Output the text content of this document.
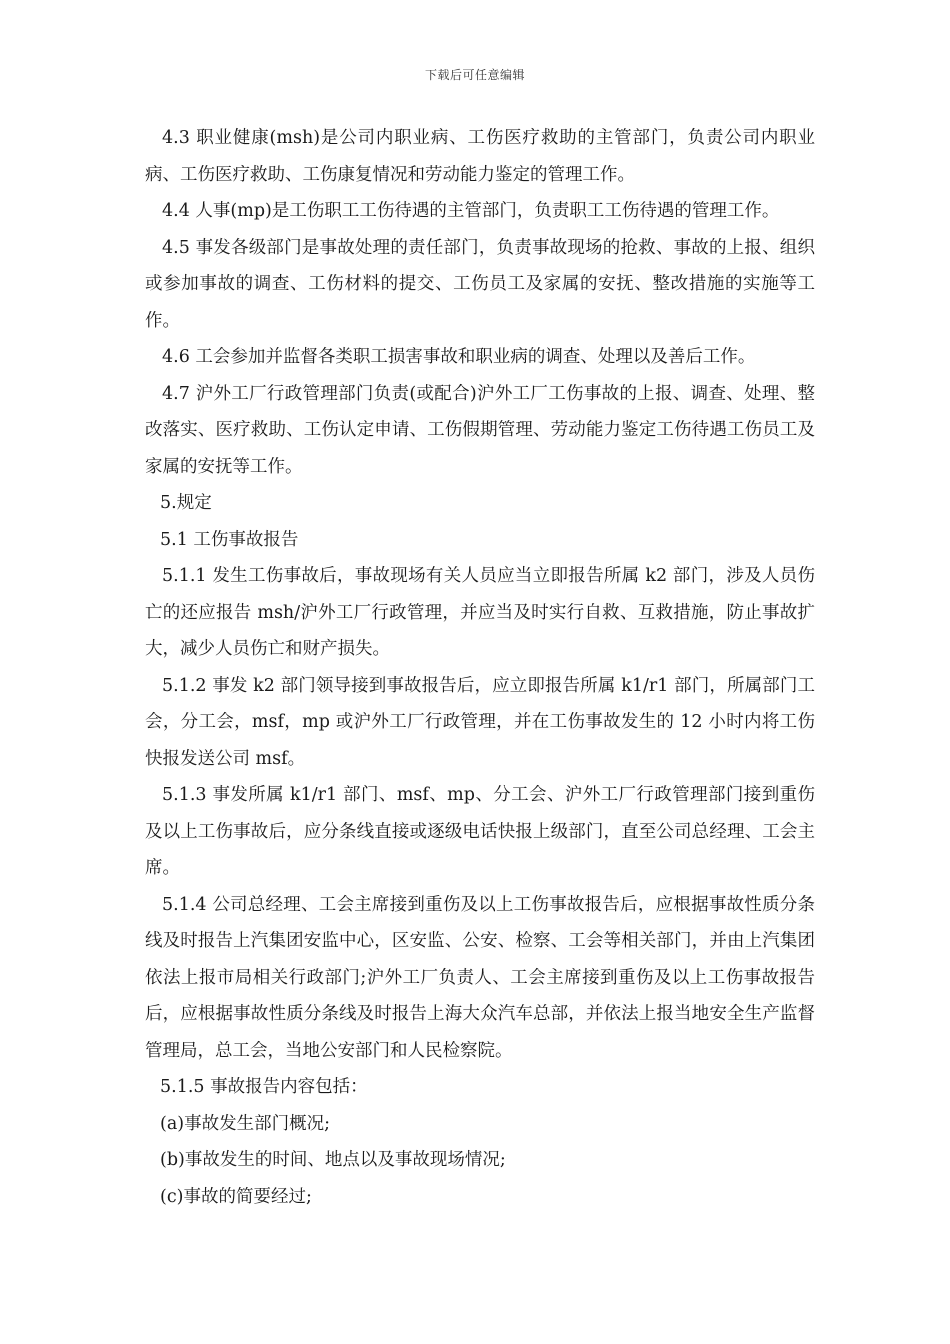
下载后可任意编辑

4.3 职业健康(msh)是公司内职业病、工伤医疗救助的主管部门，负责公司内职业病、工伤医疗救助、工伤康复情况和劳动能力鉴定的管理工作。

4.4 人事(mp)是工伤职工工伤待遇的主管部门，负责职工工伤待遇的管理工作。

4.5 事发各级部门是事故处理的责任部门，负责事故现场的抢救、事故的上报、组织或参加事故的调查、工伤材料的提交、工伤员工及家属的安抚、整改措施的实施等工作。

4.6 工会参加并监督各类职工损害事故和职业病的调查、处理以及善后工作。

4.7 沪外工厂行政管理部门负责(或配合)沪外工厂工伤事故的上报、调查、处理、整改落实、医疗救助、工伤认定申请、工伤假期管理、劳动能力鉴定工伤待遇工伤员工及家属的安抚等工作。

5.规定

5.1 工伤事故报告

5.1.1 发生工伤事故后，事故现场有关人员应当立即报告所属 k2 部门，涉及人员伤亡的还应报告 msh/沪外工厂行政管理，并应当及时实行自救、互救措施，防止事故扩大，减少人员伤亡和财产损失。

5.1.2 事发 k2 部门领导接到事故报告后，应立即报告所属 k1/r1 部门，所属部门工会，分工会，msf，mp 或沪外工厂行政管理，并在工伤事故发生的 12 小时内将工伤快报发送公司 msf。

5.1.3 事发所属 k1/r1 部门、msf、mp、分工会、沪外工厂行政管理部门接到重伤及以上工伤事故后，应分条线直接或逐级电话快报上级部门，直至公司总经理、工会主席。

5.1.4 公司总经理、工会主席接到重伤及以上工伤事故报告后，应根据事故性质分条线及时报告上汽集团安监中心，区安监、公安、检察、工会等相关部门，并由上汽集团依法上报市局相关行政部门;沪外工厂负责人、工会主席接到重伤及以上工伤事故报告后，应根据事故性质分条线及时报告上海大众汽车总部，并依法上报当地安全生产监督管理局，总工会，当地公安部门和人民检察院。

5.1.5 事故报告内容包括：

(a)事故发生部门概况;

(b)事故发生的时间、地点以及事故现场情况;

(c)事故的简要经过;
